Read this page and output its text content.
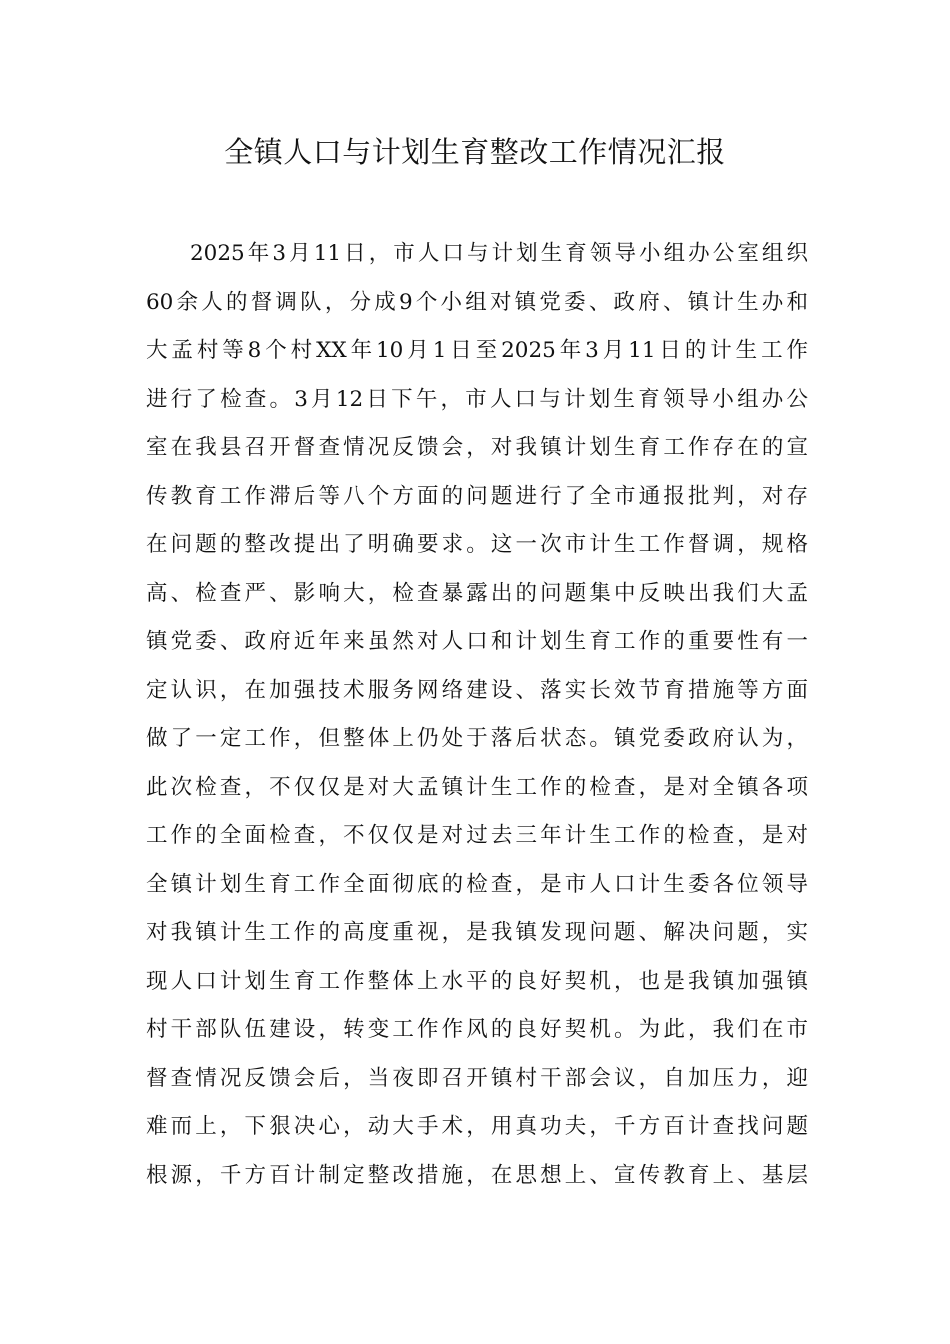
全镇人口与计划生育整改工作情况汇报
2025年3月11日，市人口与计划生育领导小组办公室组织
60余人的督调队，分成9个小组对镇党委、政府、镇计生办和
大孟村等8个村XX年10月1日至2025年3月11日的计生工作
进行了检查。3月12日下午，市人口与计划生育领导小组办公
室在我县召开督查情况反馈会，对我镇计划生育工作存在的宣
传教育工作滞后等八个方面的问题进行了全市通报批判，对存
在问题的整改提出了明确要求。这一次市计生工作督调，规格
高、检查严、影响大，检查暴露出的问题集中反映出我们大孟
镇党委、政府近年来虽然对人口和计划生育工作的重要性有一
定认识，在加强技术服务网络建设、落实长效节育措施等方面
做了一定工作，但整体上仍处于落后状态。镇党委政府认为，
此次检查，不仅仅是对大孟镇计生工作的检查，是对全镇各项
工作的全面检查，不仅仅是对过去三年计生工作的检查，是对
全镇计划生育工作全面彻底的检查，是市人口计生委各位领导
对我镇计生工作的高度重视，是我镇发现问题、解决问题，实
现人口计划生育工作整体上水平的良好契机，也是我镇加强镇
村干部队伍建设，转变工作作风的良好契机。为此，我们在市
督查情况反馈会后，当夜即召开镇村干部会议，自加压力，迎
难而上，下狠决心，动大手术，用真功夫，千方百计查找问题
根源，千方百计制定整改措施，在思想上、宣传教育上、基层
